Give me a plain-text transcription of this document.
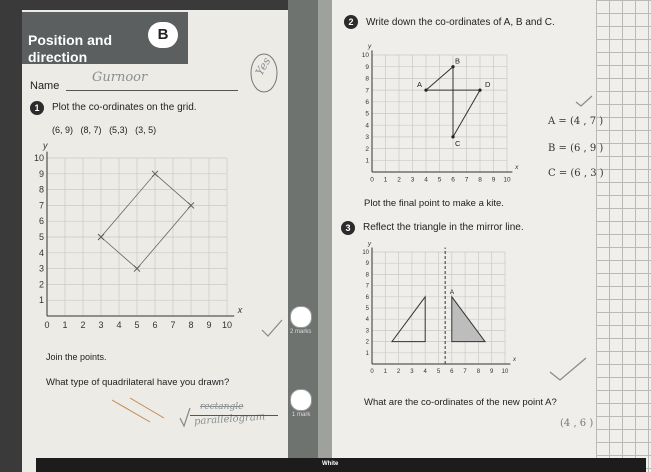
Position and direction
B
Name
Gurnoor	Yes
1	Plot the co-ordinates on the grid.
(6, 9) (8, 7) (5,3) (3, 5)
0 1 2 3 4 5 6 7 8 9 10
1
2
3
4
5
6
7
8
9
10
x
y
Join the points.
What type of quadrilateral have you drawn?
rectangle
parallelogram
2 marks
1 mark
2	Write down the co-ordinates of A, B and C.
0 1 2 3 4 5 6 7 8 9 10
1
2
3
4
5
6
7
8
9
10
x
y
A
B
C
D
A = (4 , 7 )
B = (6 , 9 )
C = (6 , 3 )
Plot the final point to make a kite.
3	Reflect the triangle in the mirror line.
0 1 2 3 4 5 6 7 8 9 10
1
2
3
4
5
6
7
8
9
10
x
y
A
What are the co-ordinates of the new point A?
(4 , 6 )
White
